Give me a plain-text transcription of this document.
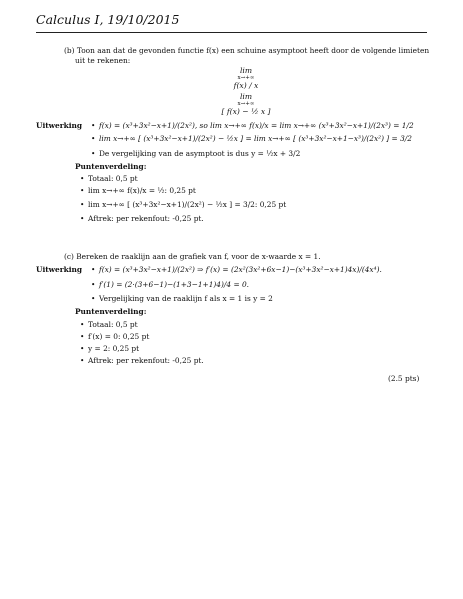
Calculus I, 19/10/2015
(b) Toon aan dat de gevonden functie f(x) een schuine asymptoot heeft door de volgende limieten
uit te rekenen:
lim
x→+∞
f(x) / x
lim
x→+∞
[ f(x) − ½ x ]
Uitwerking • f(x) = (x³+3x²−x+1)/(2x²), so lim x→+∞ f(x)/x = lim x→+∞ (x³+3x²−x+1)/(2x³) = 1/2
• lim x→+∞ [ (x³+3x²−x+1)/(2x²) − ½x ] = lim x→+∞ [ (x³+3x²−x+1−x³)/(2x²) ] = 3/2
• De vergelijking van de asymptoot is dus y = ½x + 3/2
Puntenverdeling:
• Totaal: 0,5 pt
• lim x→+∞ f(x)/x = ½: 0,25 pt
• lim x→+∞ [ (x³+3x²−x+1)/(2x²) − ½x ] = 3/2: 0,25 pt
• Aftrek: per rekenfout: -0,25 pt.
(c) Bereken de raaklijn aan de grafiek van f, voor de x-waarde x = 1.
Uitwerking • f(x) = (x³+3x²−x+1)/(2x²) ⇒ f′(x) = (2x²(3x²+6x−1)−(x³+3x²−x+1)4x)/(4x⁴).
• f′(1) = (2·(3+6−1)−(1+3−1+1)4)/4 = 0.
• Vergelijking van de raaklijn f als x = 1 is y = 2
Puntenverdeling:
• Totaal: 0,5 pt
• f′(x) = 0: 0,25 pt
• y = 2: 0,25 pt
• Aftrek: per rekenfout: -0,25 pt.
(2.5 pts)
